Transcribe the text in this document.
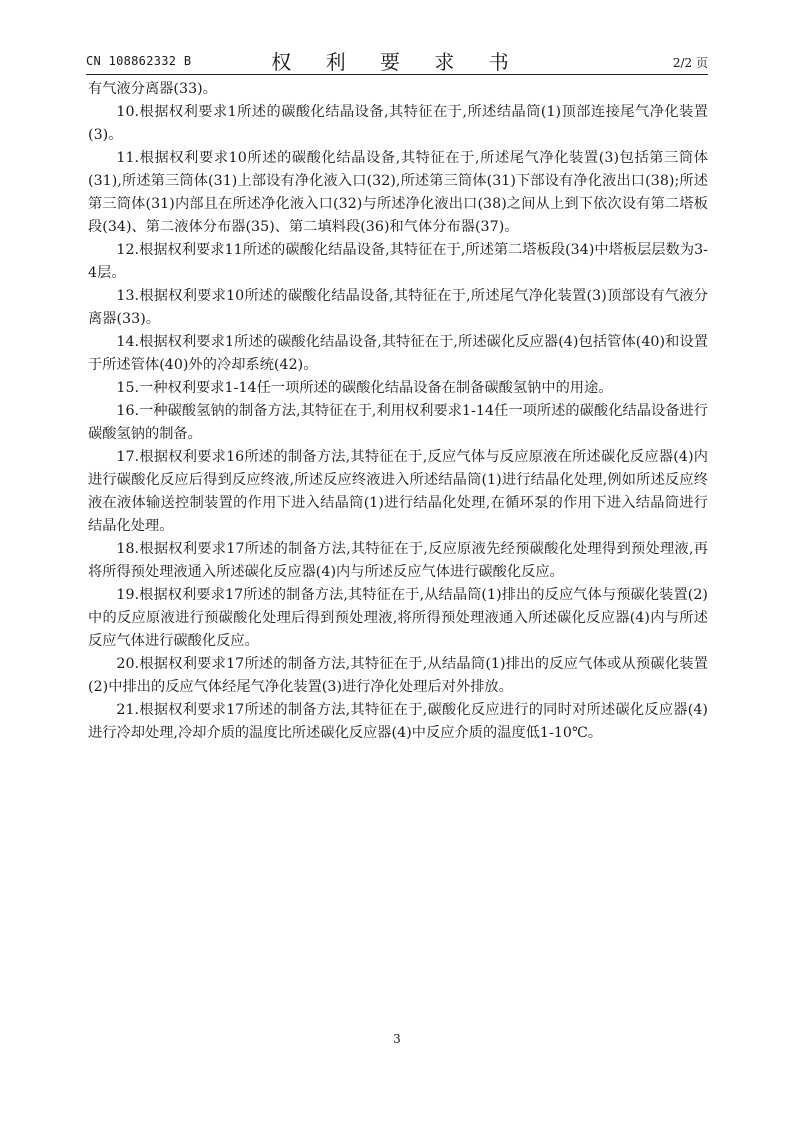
CN 108862332 B	权 利 要 求 书	2/2 页

有气液分离器(33)。

10.根据权利要求1所述的碳酸化结晶设备,其特征在于,所述结晶筒(1)顶部连接尾气净化装置(3)。

11.根据权利要求10所述的碳酸化结晶设备,其特征在于,所述尾气净化装置(3)包括第三筒体(31),所述第三筒体(31)上部设有净化液入口(32),所述第三筒体(31)下部设有净化液出口(38);所述第三筒体(31)内部且在所述净化液入口(32)与所述净化液出口(38)之间从上到下依次设有第二塔板段(34)、第二液体分布器(35)、第二填料段(36)和气体分布器(37)。

12.根据权利要求11所述的碳酸化结晶设备,其特征在于,所述第二塔板段(34)中塔板层层数为3-4层。

13.根据权利要求10所述的碳酸化结晶设备,其特征在于,所述尾气净化装置(3)顶部设有气液分离器(33)。

14.根据权利要求1所述的碳酸化结晶设备,其特征在于,所述碳化反应器(4)包括管体(40)和设置于所述管体(40)外的冷却系统(42)。

15.一种权利要求1-14任一项所述的碳酸化结晶设备在制备碳酸氢钠中的用途。

16.一种碳酸氢钠的制备方法,其特征在于,利用权利要求1-14任一项所述的碳酸化结晶设备进行碳酸氢钠的制备。

17.根据权利要求16所述的制备方法,其特征在于,反应气体与反应原液在所述碳化反应器(4)内进行碳酸化反应后得到反应终液,所述反应终液进入所述结晶筒(1)进行结晶化处理,例如所述反应终液在液体输送控制装置的作用下进入结晶筒(1)进行结晶化处理,在循环泵的作用下进入结晶筒进行结晶化处理。

18.根据权利要求17所述的制备方法,其特征在于,反应原液先经预碳酸化处理得到预处理液,再将所得预处理液通入所述碳化反应器(4)内与所述反应气体进行碳酸化反应。

19.根据权利要求17所述的制备方法,其特征在于,从结晶筒(1)排出的反应气体与预碳化装置(2)中的反应原液进行预碳酸化处理后得到预处理液,将所得预处理液通入所述碳化反应器(4)内与所述反应气体进行碳酸化反应。

20.根据权利要求17所述的制备方法,其特征在于,从结晶筒(1)排出的反应气体或从预碳化装置(2)中排出的反应气体经尾气净化装置(3)进行净化处理后对外排放。

21.根据权利要求17所述的制备方法,其特征在于,碳酸化反应进行的同时对所述碳化反应器(4)进行冷却处理,冷却介质的温度比所述碳化反应器(4)中反应介质的温度低1-10℃。

3
